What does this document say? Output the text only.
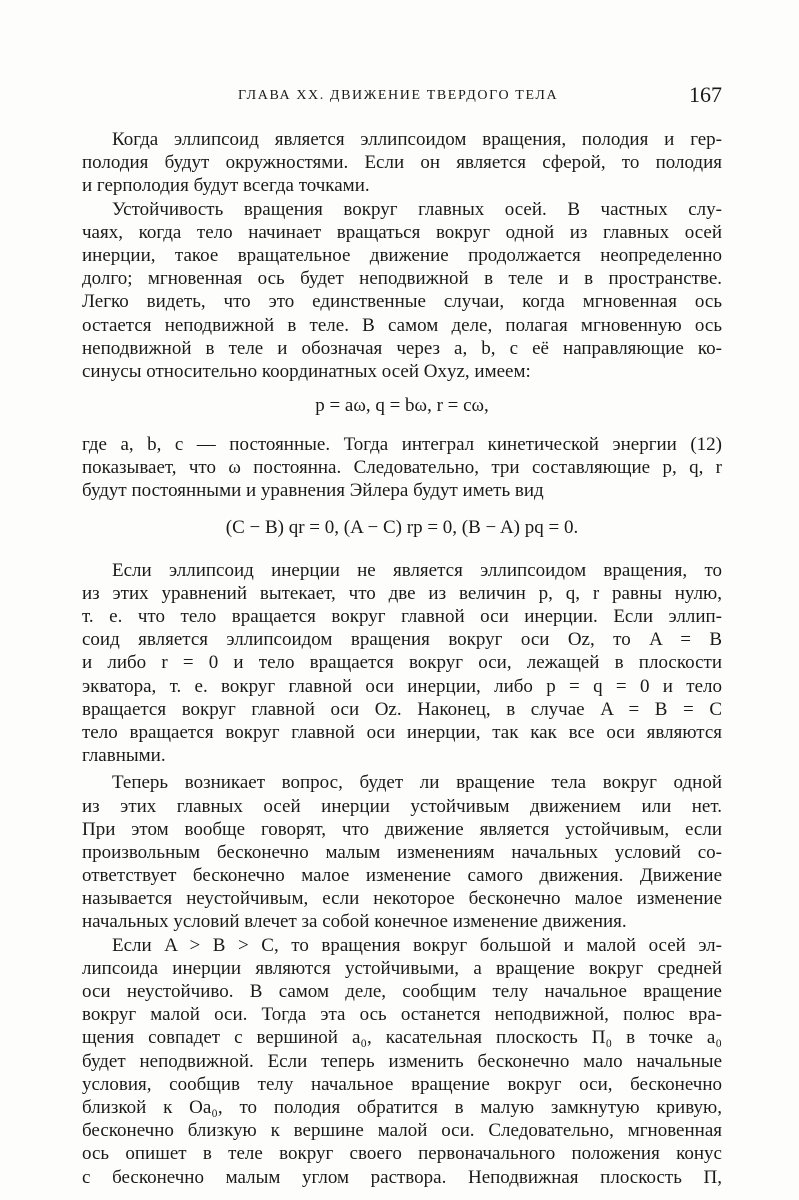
ГЛАВА XX. ДВИЖЕНИЕ ТВЕРДОГО ТЕЛА	167
Когда эллипсоид является эллипсоидом вращения, полодия и гер-
полодия будут окружностями. Если он является сферой, то полодия
и герполодия будут всегда точками.
Устойчивость вращения вокруг главных осей. В частных слу-
чаях, когда тело начинает вращаться вокруг одной из главных осей
инерции, такое вращательное движение продолжается неопределенно
долго; мгновенная ось будет неподвижной в теле и в пространстве.
Легко видеть, что это единственные случаи, когда мгновенная ось
остается неподвижной в теле. В самом деле, полагая мгновенную ось
неподвижной в теле и обозначая через a, b, c её направляющие ко-
синусы относительно координатных осей Oxyz, имеем:
p = aω, q = bω, r = cω,
где a, b, c — постоянные. Тогда интеграл кинетической энергии (12)
показывает, что ω постоянна. Следовательно, три составляющие p, q, r
будут постоянными и уравнения Эйлера будут иметь вид
(C − B) qr = 0, (A − C) rp = 0, (B − A) pq = 0.
Если эллипсоид инерции не является эллипсоидом вращения, то
из этих уравнений вытекает, что две из величин p, q, r равны нулю,
т. е. что тело вращается вокруг главной оси инерции. Если эллип-
соид является эллипсоидом вращения вокруг оси Oz, то A = B
и либо r = 0 и тело вращается вокруг оси, лежащей в плоскости
экватора, т. е. вокруг главной оси инерции, либо p = q = 0 и тело
вращается вокруг главной оси Oz. Наконец, в случае A = B = C
тело вращается вокруг главной оси инерции, так как все оси являются
главными.
Теперь возникает вопрос, будет ли вращение тела вокруг одной
из этих главных осей инерции устойчивым движением или нет.
При этом вообще говорят, что движение является устойчивым, если
произвольным бесконечно малым изменениям начальных условий со-
ответствует бесконечно малое изменение самого движения. Движение
называется неустойчивым, если некоторое бесконечно малое изменение
начальных условий влечет за собой конечное изменение движения.
Если A > B > C, то вращения вокруг большой и малой осей эл-
липсоида инерции являются устойчивыми, а вращение вокруг средней
оси неустойчиво. В самом деле, сообщим телу начальное вращение
вокруг малой оси. Тогда эта ось останется неподвижной, полюс вра-
щения совпадет с вершиной a₀, касательная плоскость Π₀ в точке a₀
будет неподвижной. Если теперь изменить бесконечно мало начальные
условия, сообщив телу начальное вращение вокруг оси, бесконечно
близкой к Oa₀, то полодия обратится в малую замкнутую кривую,
бесконечно близкую к вершине малой оси. Следовательно, мгновенная
ось опишет в теле вокруг своего первоначального положения конус
с бесконечно малым углом раствора. Неподвижная плоскость Π,
